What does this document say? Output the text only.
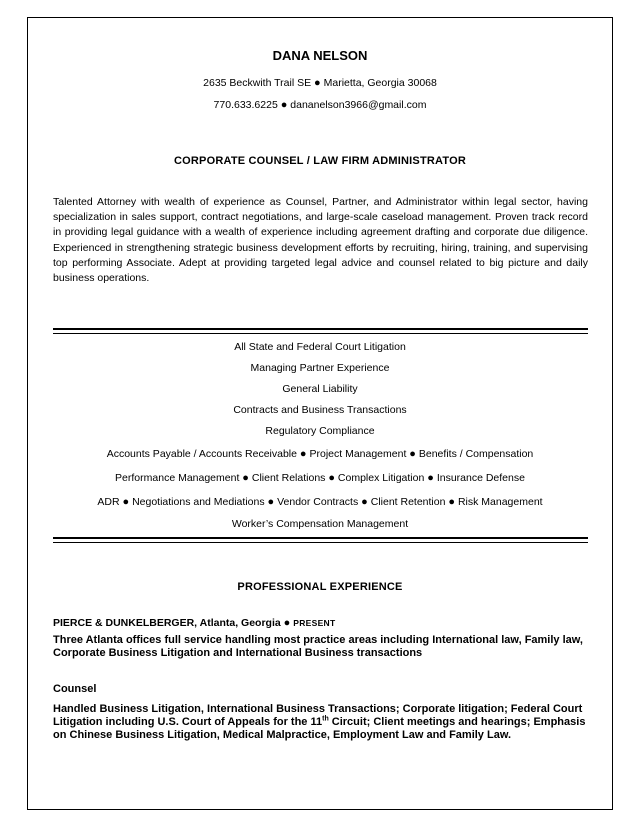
DANA NELSON
2635 Beckwith Trail SE ● Marietta, Georgia 30068
770.633.6225 ● dananelson3966@gmail.com
CORPORATE COUNSEL / LAW FIRM ADMINISTRATOR
Talented Attorney with wealth of experience as Counsel, Partner, and Administrator within legal sector, having specialization in sales support, contract negotiations, and large-scale caseload management. Proven track record in providing legal guidance with a wealth of experience including agreement drafting and corporate due diligence. Experienced in strengthening strategic business development efforts by recruiting, hiring, training, and supervising top performing Associate. Adept at providing targeted legal advice and counsel related to big picture and daily business operations.
All State and Federal Court Litigation
Managing Partner Experience
General Liability
Contracts and Business Transactions
Regulatory Compliance
Accounts Payable / Accounts Receivable ● Project Management ● Benefits / Compensation
Performance Management ● Client Relations ● Complex Litigation ● Insurance Defense
ADR ● Negotiations and Mediations ● Vendor Contracts ● Client Retention ● Risk Management
Worker’s Compensation Management
PROFESSIONAL EXPERIENCE
PIERCE & DUNKELBERGER, Atlanta, Georgia ● PRESENT
Three Atlanta offices full service handling most practice areas including International law, Family law, Corporate Business Litigation and International Business transactions
Counsel
Handled Business Litigation, International Business Transactions; Corporate litigation; Federal Court Litigation including U.S. Court of Appeals for the 11th Circuit; Client meetings and hearings; Emphasis on Chinese Business Litigation, Medical Malpractice, Employment Law and Family Law.
